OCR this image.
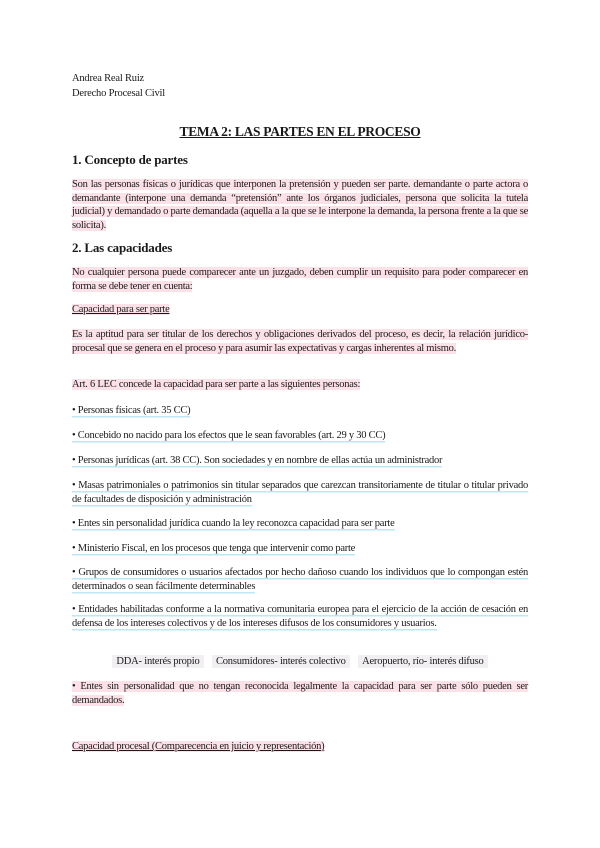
Andrea Real Ruiz
Derecho Procesal Civil
TEMA 2: LAS PARTES EN EL PROCESO
1. Concepto de partes
Son las personas físicas o jurídicas que interponen la pretensión y pueden ser parte. demandante o parte actora o demandante (interpone una demanda “pretensión” ante los órganos judiciales, persona que solicita la tutela judicial) y demandado o parte demandada (aquella a la que se le interpone la demanda, la persona frente a la que se solicita).
2. Las capacidades
No cualquier persona puede comparecer ante un juzgado, deben cumplir un requisito para poder comparecer en forma se debe tener en cuenta:
Capacidad para ser parte
Es la aptitud para ser titular de los derechos y obligaciones derivados del proceso, es decir, la relación jurídico-procesal que se genera en el proceso y para asumir las expectativas y cargas inherentes al mismo.
Art. 6 LEC concede la capacidad para ser parte a las siguientes personas:
• Personas físicas (art. 35 CC)
• Concebido no nacido para los efectos que le sean favorables (art. 29 y 30 CC)
• Personas jurídicas (art. 38 CC). Son sociedades y en nombre de ellas actúa un administrador
• Masas patrimoniales o patrimonios sin titular separados que carezcan transitoriamente de titular o titular privado de facultades de disposición y administración
• Entes sin personalidad jurídica cuando la ley reconozca capacidad para ser parte
• Ministerio Fiscal, en los procesos que tenga que intervenir como parte
• Grupos de consumidores o usuarios afectados por hecho dañoso cuando los individuos que lo compongan estén determinados o sean fácilmente determinables
• Entidades habilitadas conforme a la normativa comunitaria europea para el ejercicio de la acción de cesación en defensa de los intereses colectivos y de los intereses difusos de los consumidores y usuarios.
DDA- interés propio Consumidores- interés colectivo Aeropuerto, río- interés difuso
• Entes sin personalidad que no tengan reconocida legalmente la capacidad para ser parte sólo pueden ser demandados.
Capacidad procesal (Comparecencia en juicio y representación)
